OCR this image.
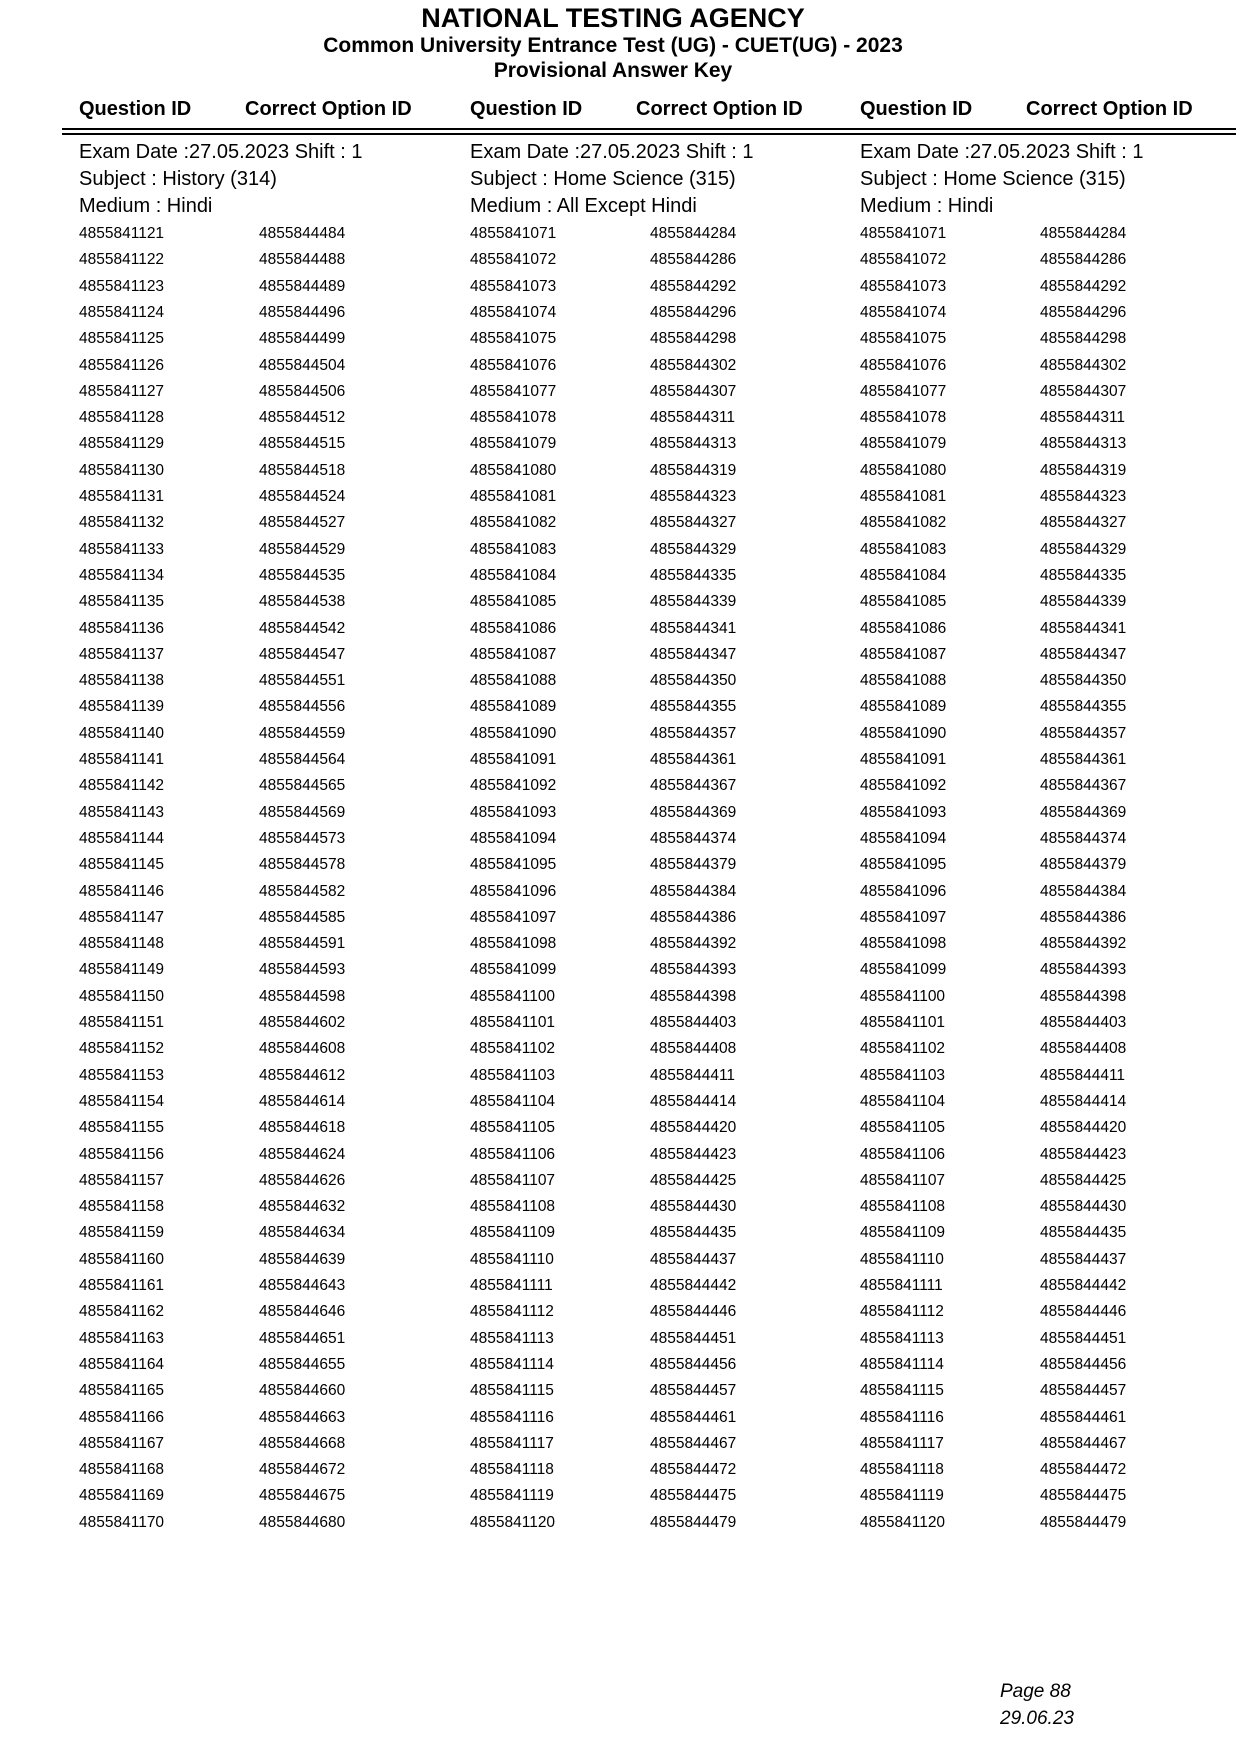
NATIONAL TESTING AGENCY
Common University Entrance Test (UG) - CUET(UG) - 2023
Provisional Answer Key
Question ID	Correct Option ID	Question ID	Correct Option ID	Question ID	Correct Option ID
Exam Date :27.05.2023 Shift : 1
Subject : History (314)
Medium : Hindi
4855841121	4855844484
4855841122	4855844488
4855841123	4855844489
4855841124	4855844496
4855841125	4855844499
4855841126	4855844504
4855841127	4855844506
4855841128	4855844512
4855841129	4855844515
4855841130	4855844518
4855841131	4855844524
4855841132	4855844527
4855841133	4855844529
4855841134	4855844535
4855841135	4855844538
4855841136	4855844542
4855841137	4855844547
4855841138	4855844551
4855841139	4855844556
4855841140	4855844559
4855841141	4855844564
4855841142	4855844565
4855841143	4855844569
4855841144	4855844573
4855841145	4855844578
4855841146	4855844582
4855841147	4855844585
4855841148	4855844591
4855841149	4855844593
4855841150	4855844598
4855841151	4855844602
4855841152	4855844608
4855841153	4855844612
4855841154	4855844614
4855841155	4855844618
4855841156	4855844624
4855841157	4855844626
4855841158	4855844632
4855841159	4855844634
4855841160	4855844639
4855841161	4855844643
4855841162	4855844646
4855841163	4855844651
4855841164	4855844655
4855841165	4855844660
4855841166	4855844663
4855841167	4855844668
4855841168	4855844672
4855841169	4855844675
4855841170	4855844680
Exam Date :27.05.2023 Shift : 1
Subject : Home Science (315)
Medium : All Except Hindi
4855841071	4855844284
4855841072	4855844286
4855841073	4855844292
4855841074	4855844296
4855841075	4855844298
4855841076	4855844302
4855841077	4855844307
4855841078	4855844311
4855841079	4855844313
4855841080	4855844319
4855841081	4855844323
4855841082	4855844327
4855841083	4855844329
4855841084	4855844335
4855841085	4855844339
4855841086	4855844341
4855841087	4855844347
4855841088	4855844350
4855841089	4855844355
4855841090	4855844357
4855841091	4855844361
4855841092	4855844367
4855841093	4855844369
4855841094	4855844374
4855841095	4855844379
4855841096	4855844384
4855841097	4855844386
4855841098	4855844392
4855841099	4855844393
4855841100	4855844398
4855841101	4855844403
4855841102	4855844408
4855841103	4855844411
4855841104	4855844414
4855841105	4855844420
4855841106	4855844423
4855841107	4855844425
4855841108	4855844430
4855841109	4855844435
4855841110	4855844437
4855841111	4855844442
4855841112	4855844446
4855841113	4855844451
4855841114	4855844456
4855841115	4855844457
4855841116	4855844461
4855841117	4855844467
4855841118	4855844472
4855841119	4855844475
4855841120	4855844479
Exam Date :27.05.2023 Shift : 1
Subject : Home Science (315)
Medium : Hindi
4855841071	4855844284
4855841072	4855844286
4855841073	4855844292
4855841074	4855844296
4855841075	4855844298
4855841076	4855844302
4855841077	4855844307
4855841078	4855844311
4855841079	4855844313
4855841080	4855844319
4855841081	4855844323
4855841082	4855844327
4855841083	4855844329
4855841084	4855844335
4855841085	4855844339
4855841086	4855844341
4855841087	4855844347
4855841088	4855844350
4855841089	4855844355
4855841090	4855844357
4855841091	4855844361
4855841092	4855844367
4855841093	4855844369
4855841094	4855844374
4855841095	4855844379
4855841096	4855844384
4855841097	4855844386
4855841098	4855844392
4855841099	4855844393
4855841100	4855844398
4855841101	4855844403
4855841102	4855844408
4855841103	4855844411
4855841104	4855844414
4855841105	4855844420
4855841106	4855844423
4855841107	4855844425
4855841108	4855844430
4855841109	4855844435
4855841110	4855844437
4855841111	4855844442
4855841112	4855844446
4855841113	4855844451
4855841114	4855844456
4855841115	4855844457
4855841116	4855844461
4855841117	4855844467
4855841118	4855844472
4855841119	4855844475
4855841120	4855844479
Page 88
29.06.23
